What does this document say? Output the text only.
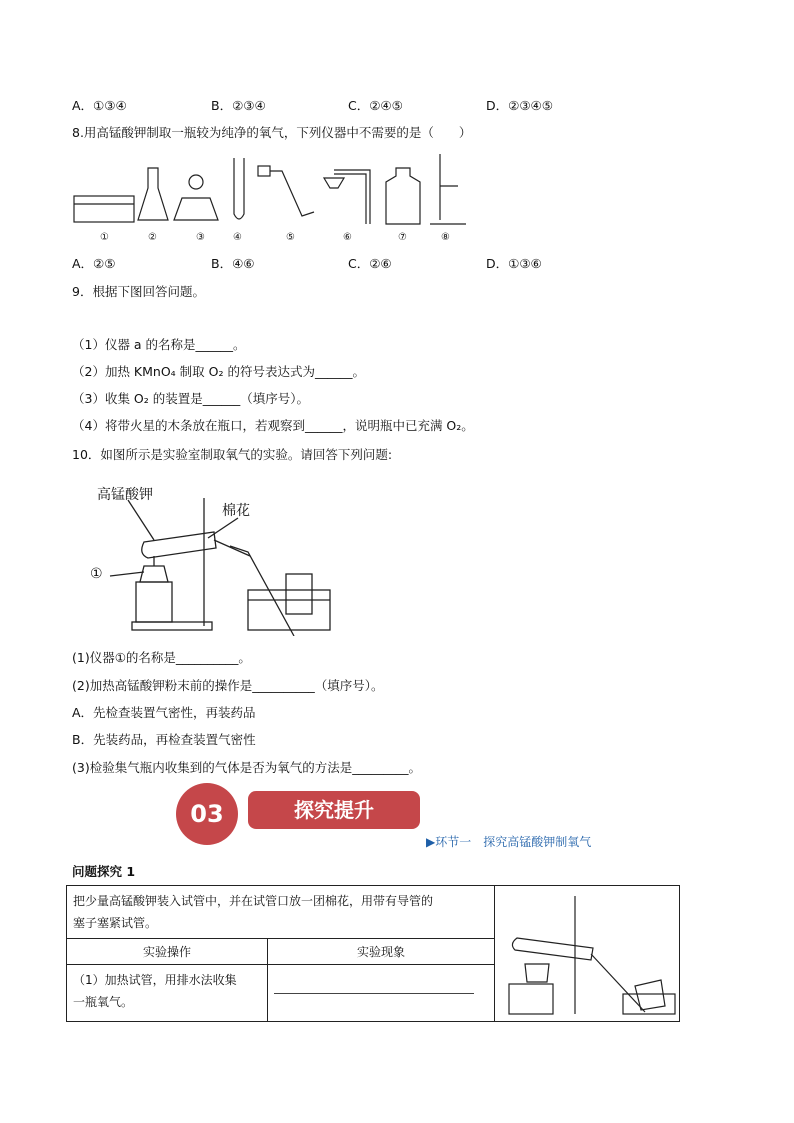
A．①③④	B．②③④	C．②④⑤	D．②③④⑤
8.用高锰酸钾制取一瓶较为纯净的氧气，下列仪器中不需要的是（　　）
①	②	③	④	⑤	⑥	⑦	⑧
A．②⑤	B．④⑥	C．②⑥	D．①③⑥
9．根据下图回答问题。
（1）仪器 a 的名称是______。
（2）加热 KMnO₄ 制取 O₂ 的符号表达式为______。
（3）收集 O₂ 的装置是______（填序号）。
（4）将带火星的木条放在瓶口，若观察到______，说明瓶中已充满 O₂。
10．如图所示是实验室制取氧气的实验。请回答下列问题:
高锰酸钾
棉花
①
(1)仪器①的名称是__________。
(2)加热高锰酸钾粉末前的操作是__________（填序号）。
A．先检查装置气密性，再装药品
B．先装药品，再检查装置气密性
(3)检验集气瓶内收集到的气体是否为氧气的方法是_________。
03	探究提升
▶环节一　探究高锰酸钾制氧气
问题探究 1
把少量高锰酸钾装入试管中，并在试管口放一团棉花，用带有导管的
塞子塞紧试管。	
实验操作	实验现象	
（1）加热试管，用排水法收集
一瓶氧气。		
